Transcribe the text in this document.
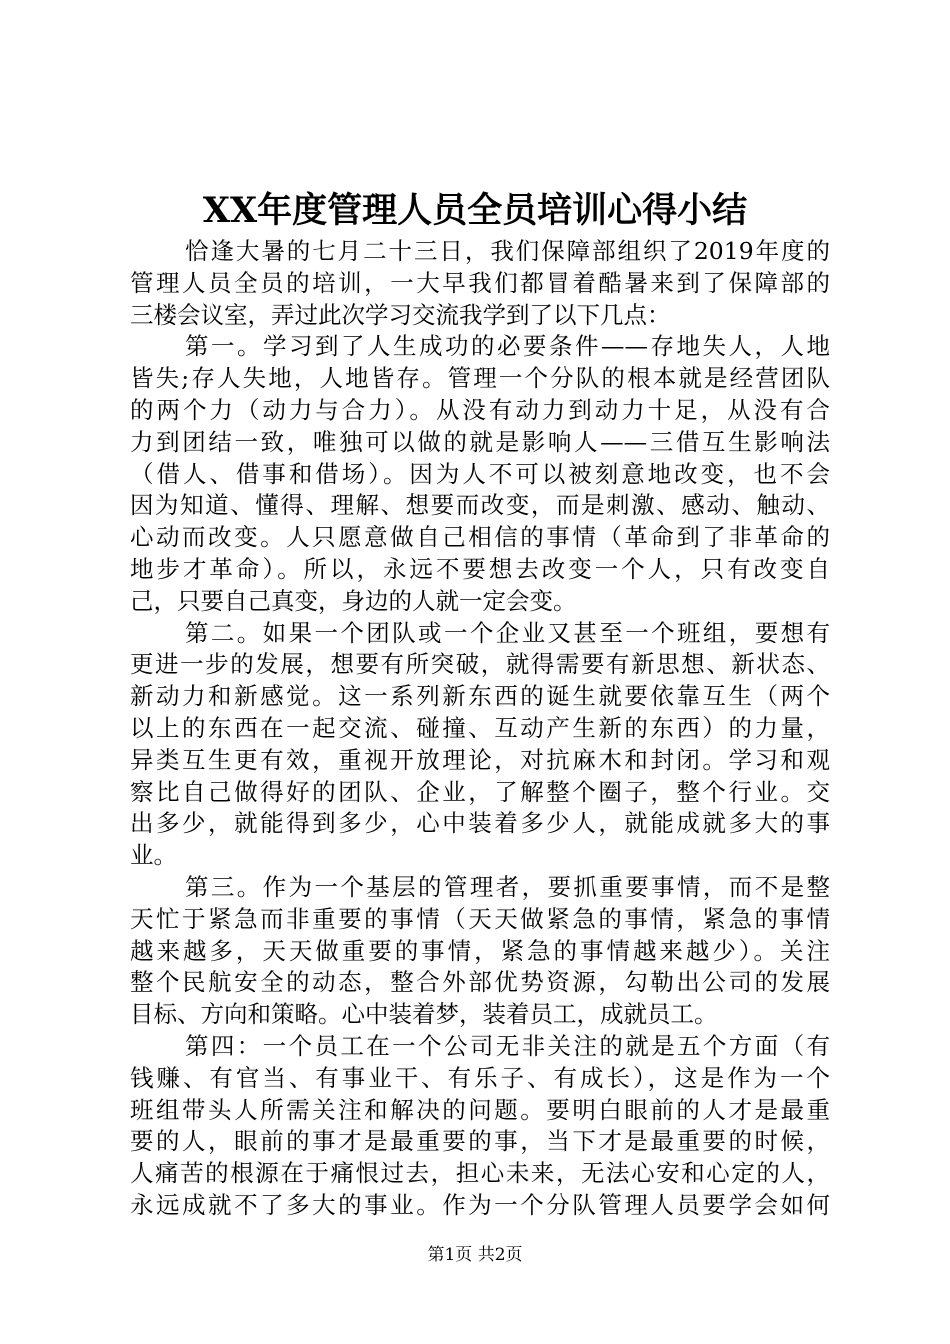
XX年度管理人员全员培训心得小结
恰逢大暑的七月二十三日，我们保障部组织了2019年度的
管理人员全员的培训，一大早我们都冒着酷暑来到了保障部的
三楼会议室，弄过此次学习交流我学到了以下几点：
第一。学习到了人生成功的必要条件——存地失人，人地
皆失;存人失地，人地皆存。管理一个分队的根本就是经营团队
的两个力（动力与合力）。从没有动力到动力十足，从没有合
力到团结一致，唯独可以做的就是影响人——三借互生影响法
（借人、借事和借场）。因为人不可以被刻意地改变，也不会
因为知道、懂得、理解、想要而改变，而是刺激、感动、触动、
心动而改变。人只愿意做自己相信的事情（革命到了非革命的
地步才革命）。所以，永远不要想去改变一个人，只有改变自
己，只要自己真变，身边的人就一定会变。
第二。如果一个团队或一个企业又甚至一个班组，要想有
更进一步的发展，想要有所突破，就得需要有新思想、新状态、
新动力和新感觉。这一系列新东西的诞生就要依靠互生（两个
以上的东西在一起交流、碰撞、互动产生新的东西）的力量，
异类互生更有效，重视开放理论，对抗麻木和封闭。学习和观
察比自己做得好的团队、企业，了解整个圈子，整个行业。交
出多少，就能得到多少，心中装着多少人，就能成就多大的事
业。
第三。作为一个基层的管理者，要抓重要事情，而不是整
天忙于紧急而非重要的事情（天天做紧急的事情，紧急的事情
越来越多，天天做重要的事情，紧急的事情越来越少）。关注
整个民航安全的动态，整合外部优势资源，勾勒出公司的发展
目标、方向和策略。心中装着梦，装着员工，成就员工。
第四：一个员工在一个公司无非关注的就是五个方面（有
钱赚、有官当、有事业干、有乐子、有成长），这是作为一个
班组带头人所需关注和解决的问题。要明白眼前的人才是最重
要的人，眼前的事才是最重要的事，当下才是最重要的时候，
人痛苦的根源在于痛恨过去，担心未来，无法心安和心定的人，
永远成就不了多大的事业。作为一个分队管理人员要学会如何

第1页 共2页
